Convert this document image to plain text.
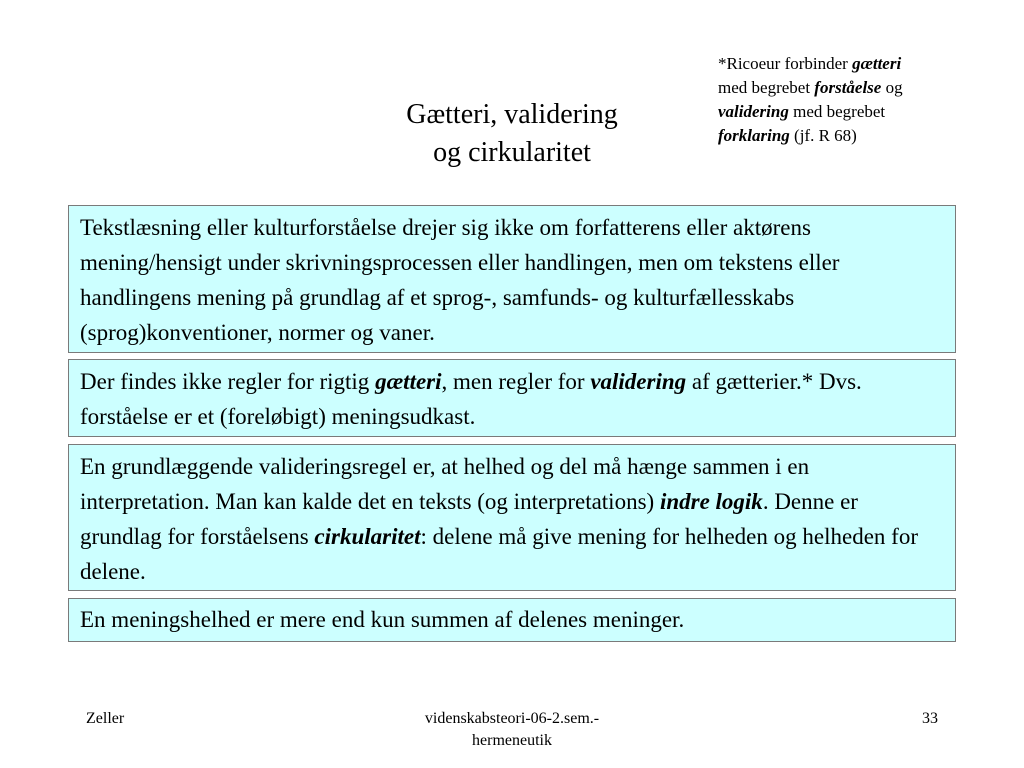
Gætteri, validering
og cirkularitet
*Ricoeur forbinder gætteri
med begrebet forståelse og
validering med begrebet
forklaring (jf. R 68)
Tekstlæsning eller kulturforståelse drejer sig ikke om forfatterens eller aktørens mening/hensigt under skrivningsprocessen eller handlingen, men om tekstens eller handlingens mening på grundlag af et sprog-, samfunds- og kulturfællesskabs (sprog)konventioner, normer og vaner.
Der findes ikke regler for rigtig gætteri, men regler for validering af gætterier.* Dvs. forståelse er et (foreløbigt) meningsudkast.
En grundlæggende valideringsregel er, at helhed og del må hænge sammen i en interpretation. Man kan kalde det en teksts (og interpretations) indre logik. Denne er grundlag for forståelsens cirkularitet: delene må give mening for helheden og helheden for delene.
En meningshelhed er mere end kun summen af delenes meninger.
Zeller	videnskabsteori-06-2.sem.-
hermeneutik
33
